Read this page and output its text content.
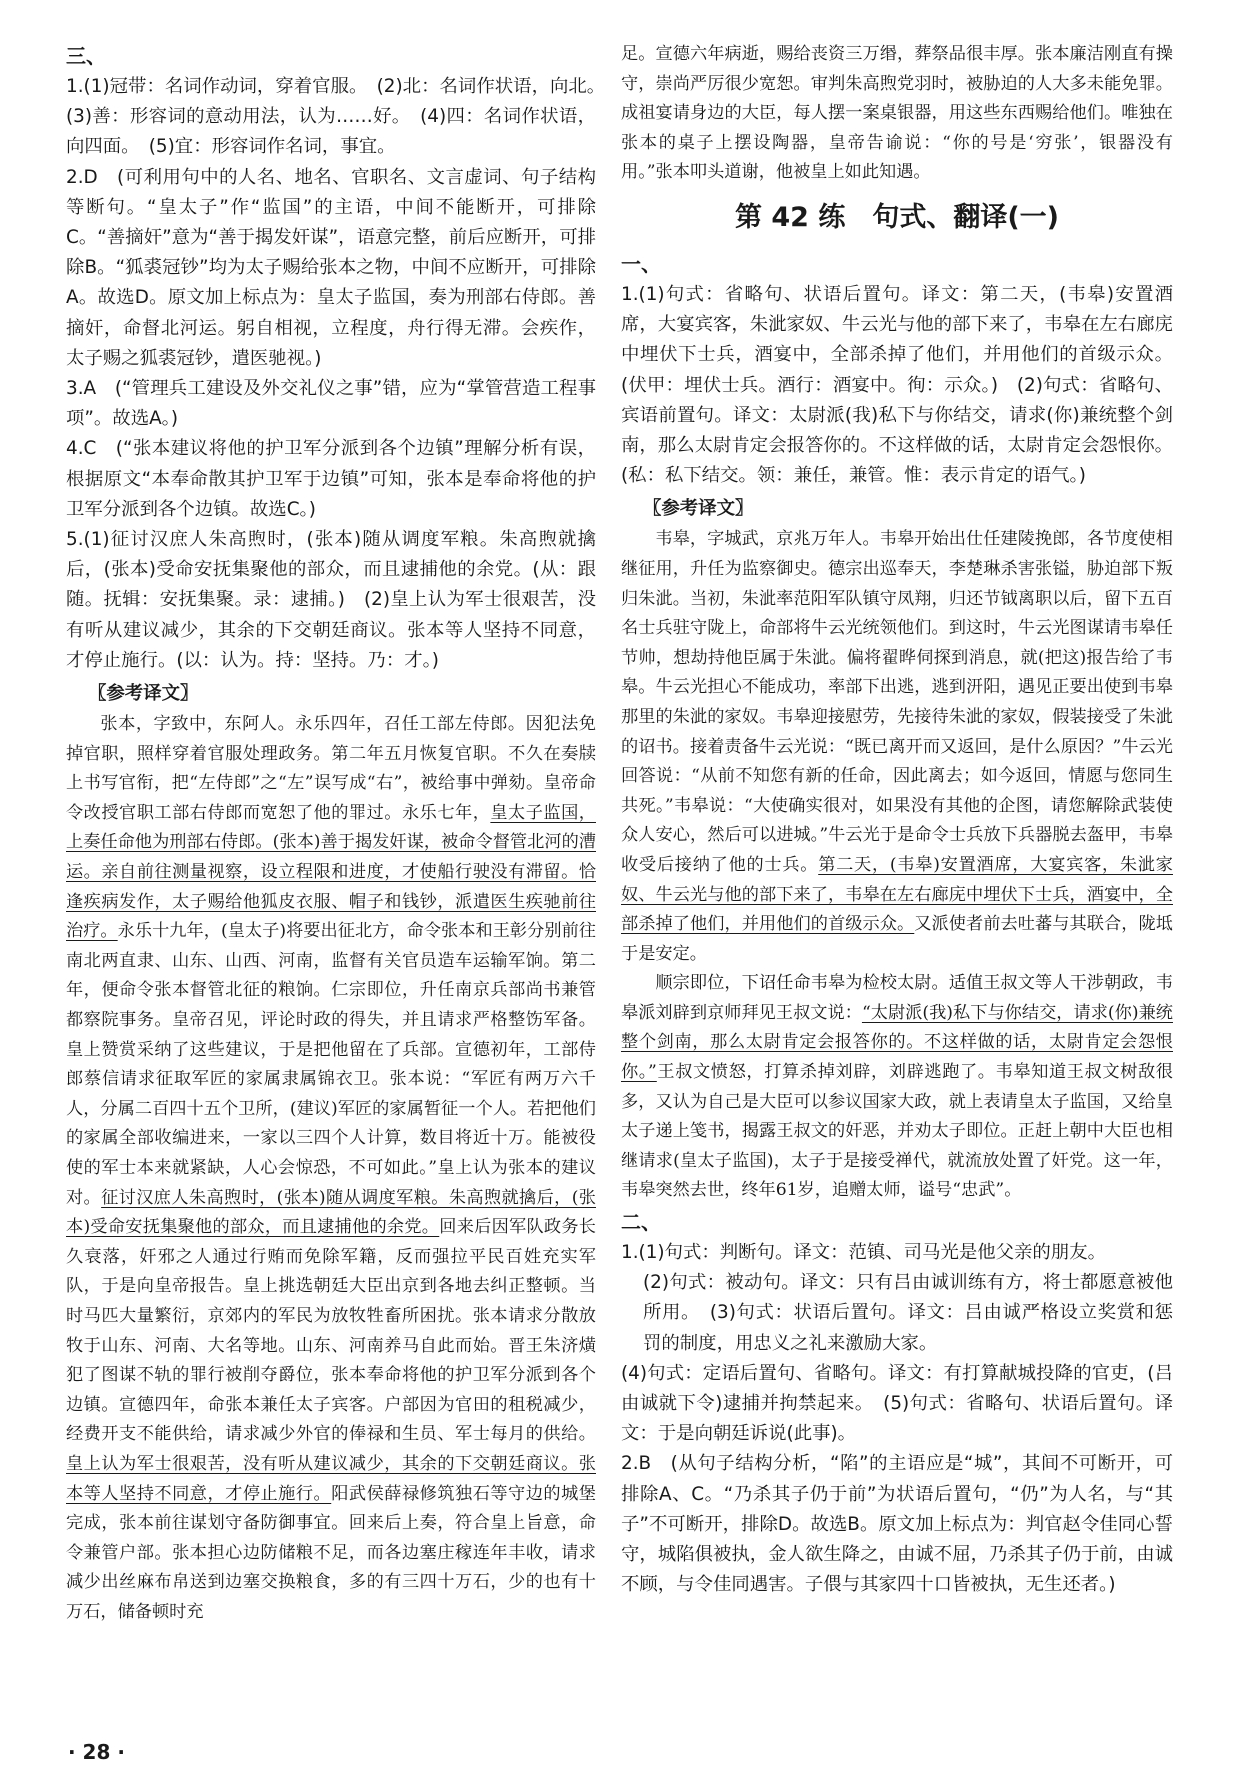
三、

1.(1)冠带：名词作动词，穿着官服。　(2)北：名词作状语，向北。　(3)善：形容词的意动用法，认为……好。　(4)四：名词作状语，向四面。　(5)宜：形容词作名词，事宜。

2.D　(可利用句中的人名、地名、官职名、文言虚词、句子结构等断句。“皇太子”作“监国”的主语，中间不能断开，可排除C。“善摘奸”意为“善于揭发奸谋”，语意完整，前后应断开，可排除B。“狐裘冠钞”均为太子赐给张本之物，中间不应断开，可排除A。故选D。原文加上标点为：皇太子监国，奏为刑部右侍郎。善摘奸，命督北河运。躬自相视，立程度，舟行得无滞。会疾作，太子赐之狐裘冠钞，遣医驰视。)

3.A　(“管理兵工建设及外交礼仪之事”错，应为“掌管营造工程事项”。故选A。)

4.C　(“张本建议将他的护卫军分派到各个边镇”理解分析有误，根据原文“本奉命散其护卫军于边镇”可知，张本是奉命将他的护卫军分派到各个边镇。故选C。)

5.(1)征讨汉庶人朱高煦时，(张本)随从调度军粮。朱高煦就擒后，(张本)受命安抚集聚他的部众，而且逮捕他的余党。(从：跟随。抚辑：安抚集聚。录：逮捕。)　(2)皇上认为军士很艰苦，没有听从建议减少，其余的下交朝廷商议。张本等人坚持不同意，才停止施行。(以：认为。持：坚持。乃：才。)

〖参考译文〗

张本，字致中，东阿人。永乐四年，召任工部左侍郎。因犯法免掉官职，照样穿着官服处理政务。第二年五月恢复官职。不久在奏牍上书写官衔，把“左侍郎”之“左”误写成“右”，被给事中弹劾。皇帝命令改授官职工部右侍郎而宽恕了他的罪过。永乐七年，皇太子监国，上奏任命他为刑部右侍郎。(张本)善于揭发奸谋，被命令督管北河的漕运。亲自前往测量视察，设立程限和进度，才使船行驶没有滞留。恰逢疾病发作，太子赐给他狐皮衣服、帽子和钱钞，派遣医生疾驰前往治疗。永乐十九年，(皇太子)将要出征北方，命令张本和王彰分别前往南北两直隶、山东、山西、河南，监督有关官员造车运输军饷。第二年，便命令张本督管北征的粮饷。仁宗即位，升任南京兵部尚书兼管都察院事务。皇帝召见，评论时政的得失，并且请求严格整饬军备。皇上赞赏采纳了这些建议，于是把他留在了兵部。宣德初年，工部侍郎蔡信请求征取军匠的家属隶属锦衣卫。张本说：“军匠有两万六千人，分属二百四十五个卫所，(建议)军匠的家属暂征一个人。若把他们的家属全部收编进来，一家以三四个人计算，数目将近十万。能被役使的军士本来就紧缺，人心会惊恐，不可如此。”皇上认为张本的建议对。征讨汉庶人朱高煦时，(张本)随从调度军粮。朱高煦就擒后，(张本)受命安抚集聚他的部众，而且逮捕他的余党。回来后因军队政务长久衰落，奸邪之人通过行贿而免除军籍，反而强拉平民百姓充实军队，于是向皇帝报告。皇上挑选朝廷大臣出京到各地去纠正整顿。当时马匹大量繁衍，京郊内的军民为放牧牲畜所困扰。张本请求分散放牧于山东、河南、大名等地。山东、河南养马自此而始。晋王朱济熿犯了图谋不轨的罪行被削夺爵位，张本奉命将他的护卫军分派到各个边镇。宣德四年，命张本兼任太子宾客。户部因为官田的租税减少，经费开支不能供给，请求减少外官的俸禄和生员、军士每月的供给。皇上认为军士很艰苦，没有听从建议减少，其余的下交朝廷商议。张本等人坚持不同意，才停止施行。阳武侯薛禄修筑独石等守边的城堡完成，张本前往谋划守备防御事宜。回来后上奏，符合皇上旨意，命令兼管户部。张本担心边防储粮不足，而各边塞庄稼连年丰收，请求减少出丝麻布帛送到边塞交换粮食，多的有三四十万石，少的也有十万石，储备顿时充

足。宣德六年病逝，赐给丧资三万缗，葬祭品很丰厚。张本廉洁刚直有操守，崇尚严厉很少宽恕。审判朱高煦党羽时，被胁迫的人大多未能免罪。成祖宴请身边的大臣，每人摆一案桌银器，用这些东西赐给他们。唯独在张本的桌子上摆设陶器，皇帝告谕说：“你的号是‘穷张’，银器没有用。”张本叩头道谢，他被皇上如此知遇。

第 42 练　句式、翻译(一)

一、

1.(1)句式：省略句、状语后置句。译文：第二天，(韦皋)安置酒席，大宴宾客，朱泚家奴、牛云光与他的部下来了，韦皋在左右廊庑中埋伏下士兵，酒宴中，全部杀掉了他们，并用他们的首级示众。(伏甲：埋伏士兵。酒行：酒宴中。徇：示众。)　(2)句式：省略句、宾语前置句。译文：太尉派(我)私下与你结交，请求(你)兼统整个剑南，那么太尉肯定会报答你的。不这样做的话，太尉肯定会怨恨你。(私：私下结交。领：兼任，兼管。惟：表示肯定的语气。)

〖参考译文〗

韦皋，字城武，京兆万年人。韦皋开始出仕任建陵挽郎，各节度使相继征用，升任为监察御史。德宗出巡奉天，李楚琳杀害张镒，胁迫部下叛归朱泚。当初，朱泚率范阳军队镇守凤翔，归还节钺离职以后，留下五百名士兵驻守陇上，命部将牛云光统领他们。到这时，牛云光图谋请韦皋任节帅，想劫持他臣属于朱泚。偏将翟晔伺探到消息，就(把这)报告给了韦皋。牛云光担心不能成功，率部下出逃，逃到汧阳，遇见正要出使到韦皋那里的朱泚的家奴。韦皋迎接慰劳，先接待朱泚的家奴，假装接受了朱泚的诏书。接着责备牛云光说：“既已离开而又返回，是什么原因？”牛云光回答说：“从前不知您有新的任命，因此离去；如今返回，情愿与您同生共死。”韦皋说：“大使确实很对，如果没有其他的企图，请您解除武装使众人安心，然后可以进城。”牛云光于是命令士兵放下兵器脱去盔甲，韦皋收受后接纳了他的士兵。第二天，(韦皋)安置酒席，大宴宾客，朱泚家奴、牛云光与他的部下来了，韦皋在左右廊庑中埋伏下士兵，酒宴中，全部杀掉了他们，并用他们的首级示众。又派使者前去吐蕃与其联合，陇坻于是安定。

顺宗即位，下诏任命韦皋为检校太尉。适值王叔文等人干涉朝政，韦皋派刘辟到京师拜见王叔文说：“太尉派(我)私下与你结交，请求(你)兼统整个剑南，那么太尉肯定会报答你的。不这样做的话，太尉肯定会怨恨你。”王叔文愤怒，打算杀掉刘辟，刘辟逃跑了。韦皋知道王叔文树敌很多，又认为自己是大臣可以参议国家大政，就上表请皇太子监国，又给皇太子递上笺书，揭露王叔文的奸恶，并劝太子即位。正赶上朝中大臣也相继请求(皇太子监国)，太子于是接受禅代，就流放处置了奸党。这一年，韦皋突然去世，终年61岁，追赠太师，谥号“忠武”。

二、

1.(1)句式：判断句。译文：范镇、司马光是他父亲的朋友。

(2)句式：被动句。译文：只有吕由诚训练有方，将士都愿意被他所用。　(3)句式：状语后置句。译文：吕由诚严格设立奖赏和惩罚的制度，用忠义之礼来激励大家。

(4)句式：定语后置句、省略句。译文：有打算献城投降的官吏，(吕由诚就下令)逮捕并拘禁起来。　(5)句式：省略句、状语后置句。译文：于是向朝廷诉说(此事)。

2.B　(从句子结构分析，“陷”的主语应是“城”，其间不可断开，可排除A、C。“乃杀其子仍于前”为状语后置句，“仍”为人名，与“其子”不可断开，排除D。故选B。原文加上标点为：判官赵令佳同心誓守，城陷俱被执，金人欲生降之，由诚不屈，乃杀其子仍于前，由诚不顾，与令佳同遇害。子偎与其家四十口皆被执，无生还者。)

· 28 ·
